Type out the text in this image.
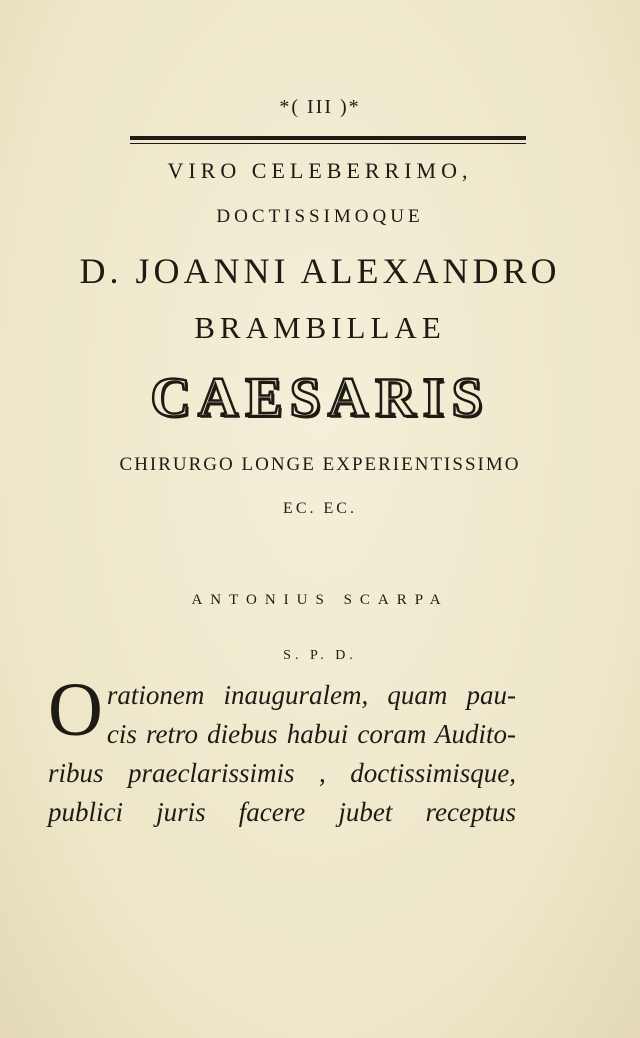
*( III )*
VIRO CELEBERRIMO,
DOCTISSIMOQUE
D. JOANNI ALEXANDRO
BRAMBILLAE
CAESARIS
CHIRURGO LONGE EXPERIENTISSIMO
EC. EC.
ANTONIUS SCARPA
S. P. D.
O rationem inauguralem, quam pau-
cis retro diebus habui coram Audito-
ribus praeclarissimis , doctissimisque,
publici juris facere jubet receptus
